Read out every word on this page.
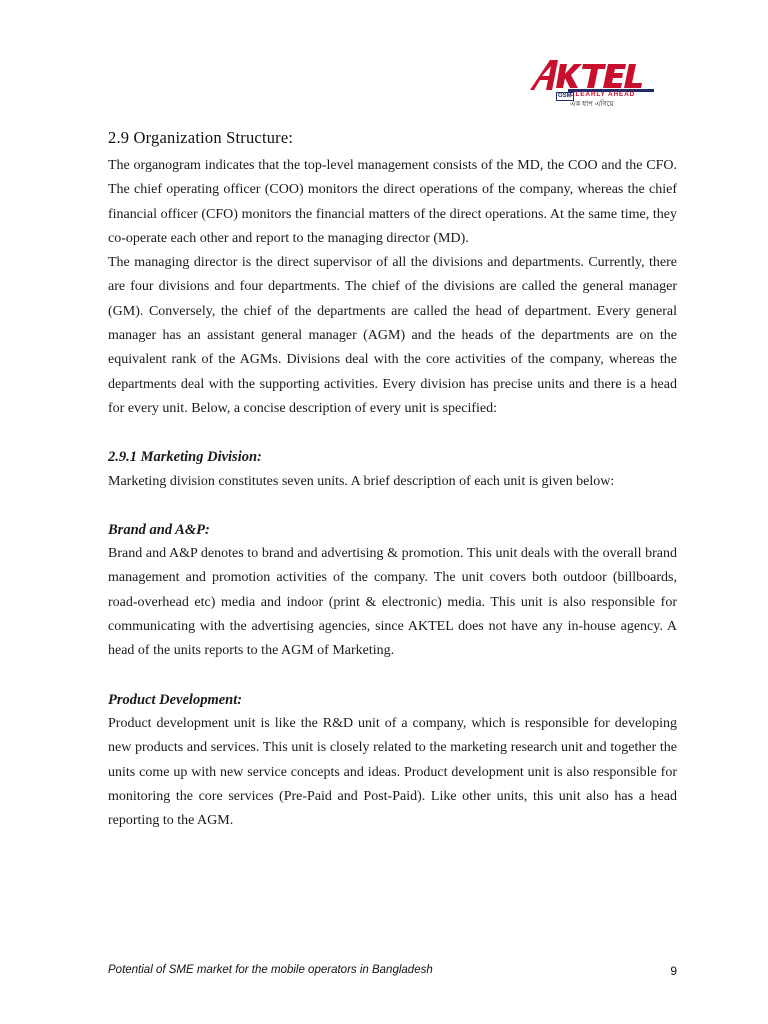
CLEARLY AHEAD
এক ধাপ এগিয়ে
GSM
2.9 Organization Structure:

The organogram indicates that the top-level management consists of the MD, the COO and the CFO. The chief operating officer (COO) monitors the direct operations of the company, whereas the chief financial officer (CFO) monitors the financial matters of the direct operations. At the same time, they co-operate each other and report to the managing director (MD).

The managing director is the direct supervisor of all the divisions and departments. Currently, there are four divisions and four departments. The chief of the divisions are called the general manager (GM). Conversely, the chief of the departments are called the head of department. Every general manager has an assistant general manager (AGM) and the heads of the departments are on the equivalent rank of the AGMs. Divisions deal with the core activities of the company, whereas the departments deal with the supporting activities. Every division has precise units and there is a head for every unit. Below, a concise description of every unit is specified:

2.9.1 Marketing Division:

Marketing division constitutes seven units. A brief description of each unit is given below:

Brand and A&P:

Brand and A&P denotes to brand and advertising & promotion. This unit deals with the overall brand management and promotion activities of the company. The unit covers both outdoor (billboards, road-overhead etc) media and indoor (print & electronic) media. This unit is also responsible for communicating with the advertising agencies, since AKTEL does not have any in-house agency. A head of the units reports to the AGM of Marketing.

Product Development:

Product development unit is like the R&D unit of a company, which is responsible for developing new products and services. This unit is closely related to the marketing research unit and together the units come up with new service concepts and ideas. Product development unit is also responsible for monitoring the core services (Pre-Paid and Post-Paid). Like other units, this unit also has a head reporting to the AGM.

Potential of SME market for the mobile operators in Bangladesh	9
